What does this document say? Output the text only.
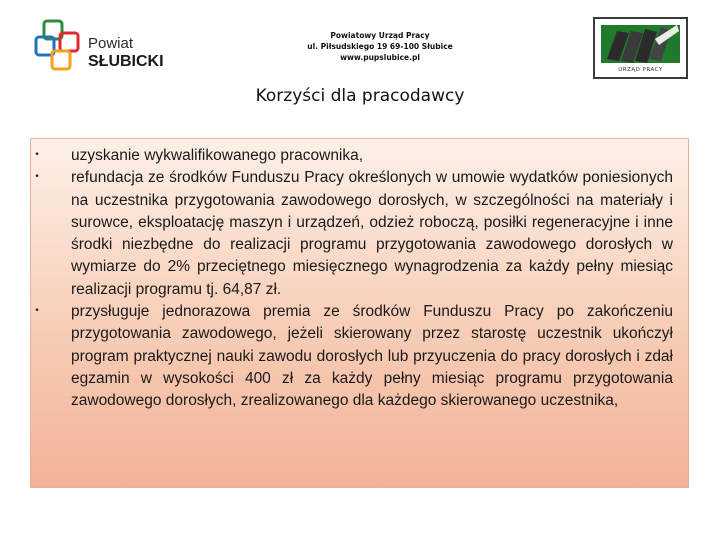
Powiat
SŁUBICKI
Powiatowy Urząd Pracy
ul. Piłsudskiego 19 69-100 Słubice
www.pupslubice.pl
URZĄD PRACY
Korzyści dla pracodawcy
• uzyskanie wykwalifikowanego pracownika,
• refundacja ze środków Funduszu Pracy określonych w umowie wydatków poniesionych na uczestnika przygotowania zawodowego dorosłych, w szczególności na materiały i surowce, eksploatację maszyn i urządzeń, odzież roboczą, posiłki regeneracyjne i inne środki niezbędne do realizacji programu przygotowania zawodowego dorosłych w wymiarze do 2% przeciętnego miesięcznego wynagrodzenia za każdy pełny miesiąc realizacji programu tj. 64,87 zł.
• przysługuje jednorazowa premia ze środków Funduszu Pracy po zakończeniu przygotowania zawodowego, jeżeli skierowany przez starostę uczestnik ukończył program praktycznej nauki zawodu dorosłych lub przyuczenia do pracy dorosłych i zdał egzamin w wysokości 400 zł za każdy pełny miesiąc programu przygotowania zawodowego dorosłych, zrealizowanego dla każdego skierowanego uczestnika,
